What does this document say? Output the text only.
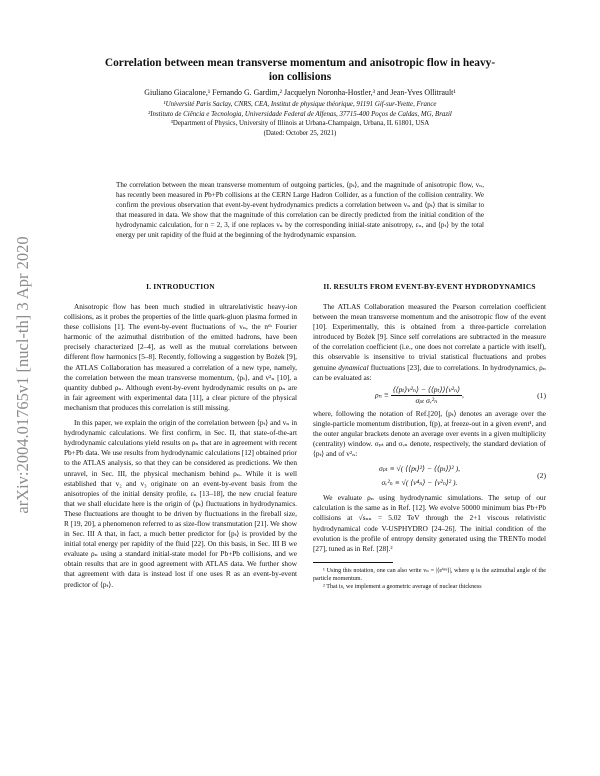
arXiv:2004.01765v1 [nucl-th] 3 Apr 2020
Correlation between mean transverse momentum and anisotropic flow in heavy-ion collisions
Giuliano Giacalone,¹ Fernando G. Gardim,² Jacquelyn Noronha-Hostler,³ and Jean-Yves Ollitrault¹
¹Université Paris Saclay, CNRS, CEA, Institut de physique théorique, 91191 Gif-sur-Yvette, France
²Instituto de Ciência e Tecnologia, Universidade Federal de Alfenas, 37715-400 Poços de Caldas, MG, Brazil
³Department of Physics, University of Illinois at Urbana-Champaign, Urbana, IL 61801, USA
(Dated: October 25, 2021)

The correlation between the mean transverse momentum of outgoing particles, ⟨pₜ⟩, and the magnitude of anisotropic flow, vₙ, has recently been measured in Pb+Pb collisions at the CERN Large Hadron Collider, as a function of the collision centrality. We confirm the previous observation that event-by-event hydrodynamics predicts a correlation between vₙ and ⟨pₜ⟩ that is similar to that measured in data. We show that the magnitude of this correlation can be directly predicted from the initial condition of the hydrodynamic calculation, for n = 2, 3, if one replaces vₙ by the corresponding initial-state anisotropy, εₙ, and ⟨pₜ⟩ by the total energy per unit rapidity of the fluid at the beginning of the hydrodynamic expansion.

I. INTRODUCTION

Anisotropic flow has been much studied in ultrarelativistic heavy-ion collisions, as it probes the properties of the little quark-gluon plasma formed in these collisions [1]. The event-by-event fluctuations of vₙ, the nᵗʰ Fourier harmonic of the azimuthal distribution of the emitted hadrons, have been precisely characterized [2–4], as well as the mutual correlations between different flow harmonics [5–8]. Recently, following a suggestion by Bożek [9], the ATLAS Collaboration has measured a correlation of a new type, namely, the correlation between the mean transverse momentum, ⟨pₜ⟩, and v²ₙ [10], a quantity dubbed ρₙ. Although event-by-event hydrodynamic results on ρₙ are in fair agreement with experimental data [11], a clear picture of the physical mechanism that produces this correlation is still missing.

In this paper, we explain the origin of the correlation between ⟨pₜ⟩ and vₙ in hydrodynamic calculations. We first confirm, in Sec. II, that state-of-the-art hydrodynamic calculations yield results on ρₙ that are in agreement with recent Pb+Pb data. We use results from hydrodynamic calculations [12] obtained prior to the ATLAS analysis, so that they can be considered as predictions. We then unravel, in Sec. III, the physical mechanism behind ρₙ. While it is well established that v₂ and v₃ originate on an event-by-event basis from the anisotropies of the initial density profile, εₙ [13–18], the new crucial feature that we shall elucidate here is the origin of ⟨pₜ⟩ fluctuations in hydrodynamics. These fluctuations are thought to be driven by fluctuations in the fireball size, R [19, 20], a phenomenon referred to as size-flow transmutation [21]. We show in Sec. III A that, in fact, a much better predictor for ⟨pₜ⟩ is provided by the initial total energy per rapidity of the fluid [22]. On this basis, in Sec. III B we evaluate ρₙ using a standard initial-state model for Pb+Pb collisions, and we obtain results that are in good agreement with ATLAS data. We further show that agreement with data is instead lost if one uses R as an event-by-event predictor of ⟨pₜ⟩.

II. RESULTS FROM EVENT-BY-EVENT HYDRODYNAMICS

The ATLAS Collaboration measured the Pearson correlation coefficient between the mean transverse momentum and the anisotropic flow of the event [10]. Experimentally, this is obtained from a three-particle correlation introduced by Bożek [9]. Since self correlations are subtracted in the measure of the correlation coefficient (i.e., one does not correlate a particle with itself), this observable is insensitive to trivial statistical fluctuations and probes genuine dynamical fluctuations [23], due to correlations. In hydrodynamics, ρₙ can be evaluated as:

$\rho_n \equiv \frac{\text{⟨⟨pₜ⟩v²ₙ⟩ − ⟨⟨pₜ⟩⟩⟨v²ₙ⟩}}{\text{σₚₜ σᵥ²ₙ}}$ ,	(1)

where, following the notation of Ref.[20], ⟨pₜ⟩ denotes an average over the single-particle momentum distribution, f(p), at freeze-out in a given event¹, and the outer angular brackets denote an average over events in a given multiplicity (centrality) window. σₚₜ and σᵥₙ denote, respectively, the standard deviation of ⟨pₜ⟩ and of v²ₙ:

σₚₜ ≡ √( ⟨⟨pₜ⟩²⟩ − ⟨⟨pₜ⟩⟩² ),
σᵥ²ₙ ≡ √( ⟨v⁴ₙ⟩ − ⟨v²ₙ⟩² ).
(2)

We evaluate ρₙ using hydrodynamic simulations. The setup of our calculation is the same as in Ref. [12]. We evolve 50000 minimum bias Pb+Pb collisions at √sₙₙ = 5.02 TeV through the 2+1 viscous relativistic hydrodynamical code V-USPHYDRO [24–26]. The initial condition of the evolution is the profile of entropy density generated using the TRENTo model [27], tuned as in Ref. [28].²

¹ Using this notation, one can also write vₙ = |⟨eⁱⁿᵠ⟩|, where φ is the azimuthal angle of the particle momentum.

² That is, we implement a geometric average of nuclear thickness
